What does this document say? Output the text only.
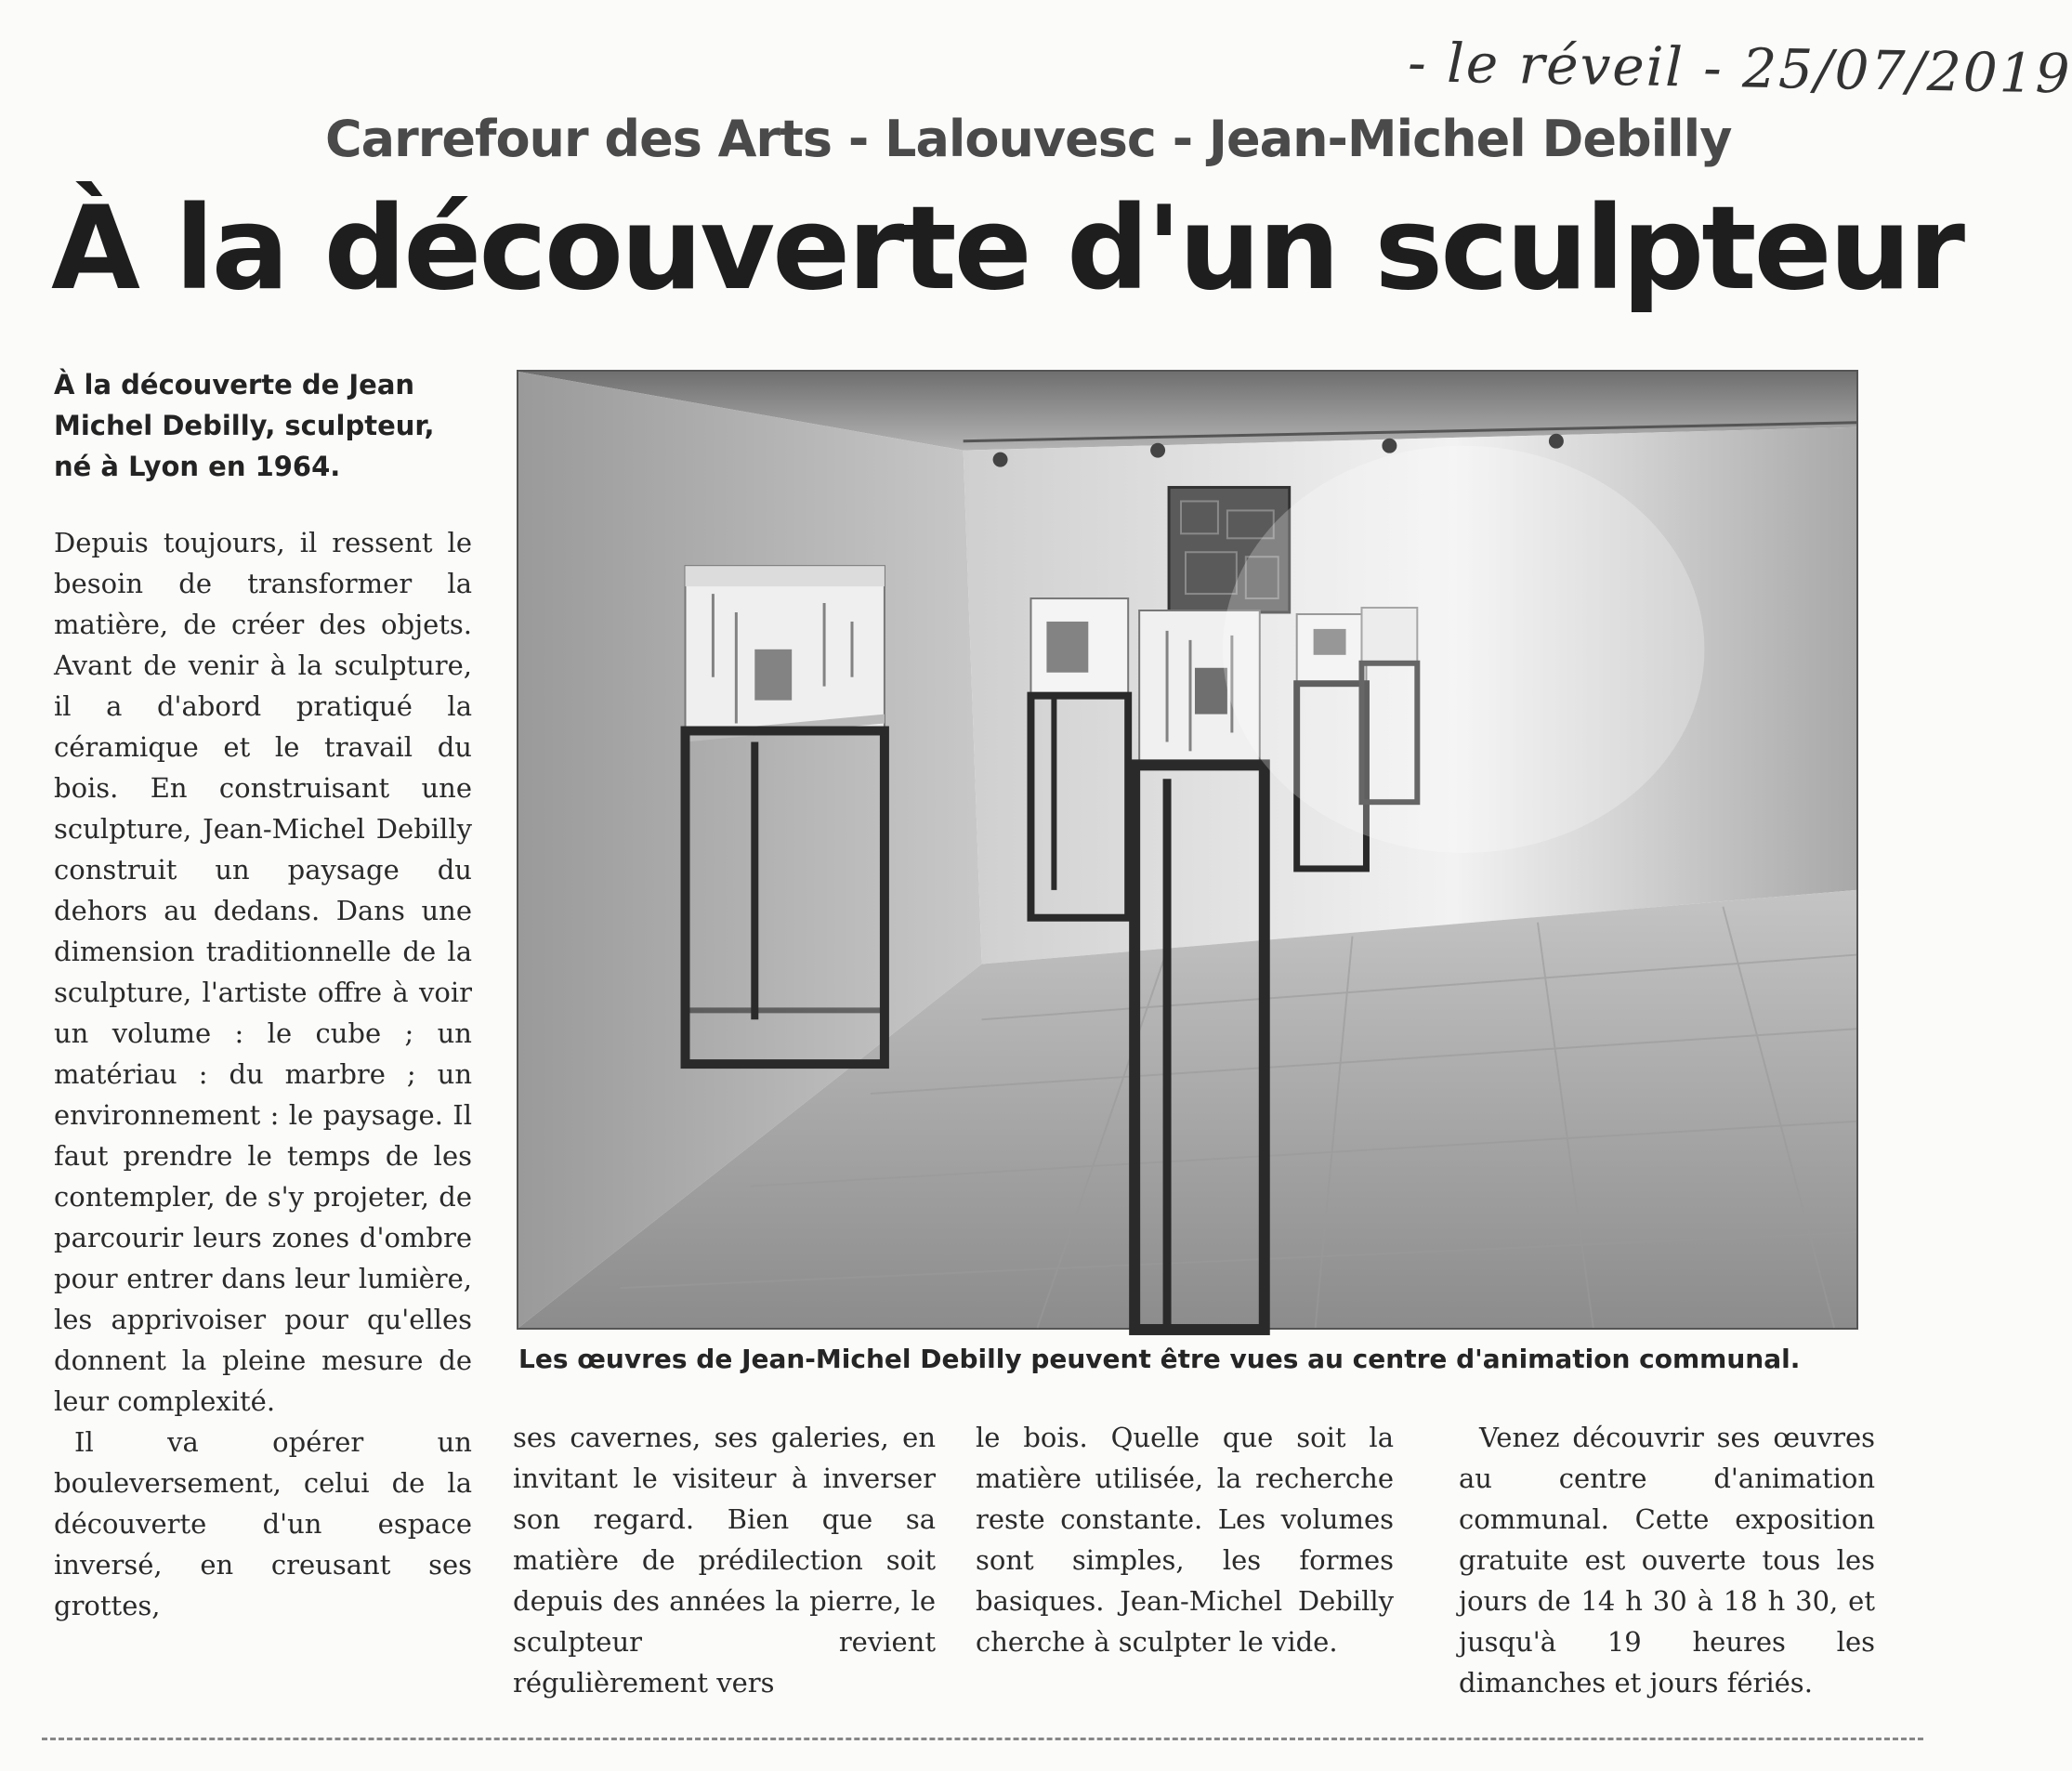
- le réveil - 25/07/2019
Carrefour des Arts - Lalouvesc - Jean-Michel Debilly
À la découverte d'un sculpteur
À la découverte de Jean Michel Debilly, sculpteur, né à Lyon en 1964.

Depuis toujours, il ressent le besoin de transformer la matière, de créer des objets. Avant de venir à la sculpture, il a d'abord pratiqué la céramique et le travail du bois. En construisant une sculpture, Jean-Michel Debilly construit un paysage du dehors au dedans. Dans une dimension traditionnelle de la sculpture, l'artiste offre à voir un volume : le cube ; un matériau : du marbre ; un environnement : le paysage. Il faut prendre le temps de les contempler, de s'y projeter, de parcourir leurs zones d'ombre pour entrer dans leur lumière, les apprivoiser pour qu'elles donnent la pleine mesure de leur complexité.

Il va opérer un bouleversement, celui de la découverte d'un espace inversé, en creusant ses grottes,

Les œuvres de Jean-Michel Debilly peuvent être vues au centre d'animation communal.

ses cavernes, ses galeries, en invitant le visiteur à inverser son regard. Bien que sa matière de prédilection soit depuis des années la pierre, le sculpteur revient régulièrement vers

le bois. Quelle que soit la matière utilisée, la recherche reste constante. Les volumes sont simples, les formes basiques. Jean-Michel Debilly cherche à sculpter le vide.

Venez découvrir ses œuvres au centre d'animation communal. Cette exposition gratuite est ouverte tous les jours de 14 h 30 à 18 h 30, et jusqu'à 19 heures les dimanches et jours fériés.
